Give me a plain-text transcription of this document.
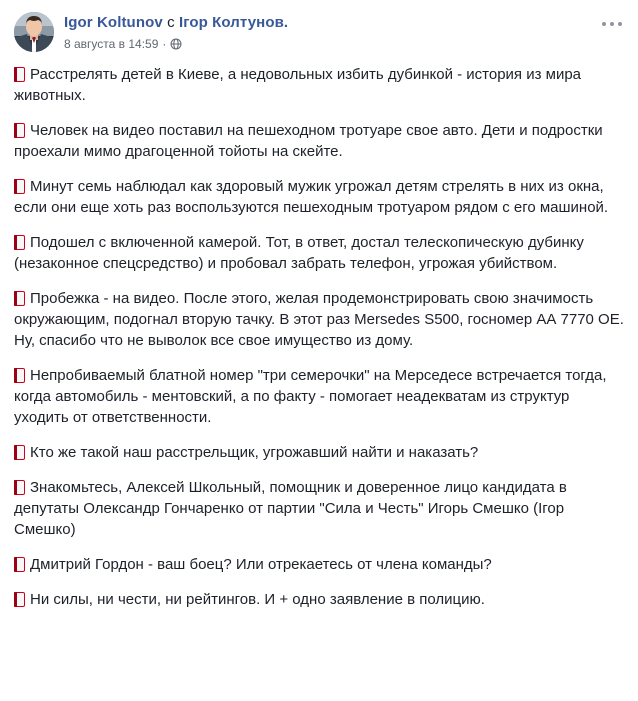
Igor Koltunov с Ігор Колтунов.
8 августа в 14:59 ·

Расстрелять детей в Киеве, а недовольных избить дубинкой - история из мира животных.

Человек на видео поставил на пешеходном тротуаре свое авто. Дети и подростки проехали мимо драгоценной тойоты на скейте.

Минут семь наблюдал как здоровый мужик угрожал детям стрелять в них из окна, если они еще хоть раз воспользуются пешеходным тротуаром рядом с его машиной.

Подошел с включенной камерой. Тот, в ответ, достал телескопическую дубинку (незаконное спецсредство) и пробовал забрать телефон, угрожая убийством.

Пробежка - на видео. После этого, желая продемонстрировать свою значимость окружающим, подогнал вторую тачку. В этот раз Mersedes S500, госномер АА 7770 ОЕ. Ну, спасибо что не выволок все свое имущество из дому.

Непробиваемый блатной номер "три семерочки" на Мерседесе встречается тогда, когда автомобиль - ментовский, а по факту - помогает неадекватам из структур уходить от ответственности.

Кто же такой наш расстрельщик, угрожавший найти и наказать?

Знакомьтесь, Алексей Школьный, помощник и доверенное лицо кандидата в депутаты Олександр Гончаренко от партии "Сила и Честь" Игорь Смешко (Ігор Смешко)

Дмитрий Гордон - ваш боец? Или отрекаетесь от члена команды?

Ни силы, ни чести, ни рейтингов. И + одно заявление в полицию.
